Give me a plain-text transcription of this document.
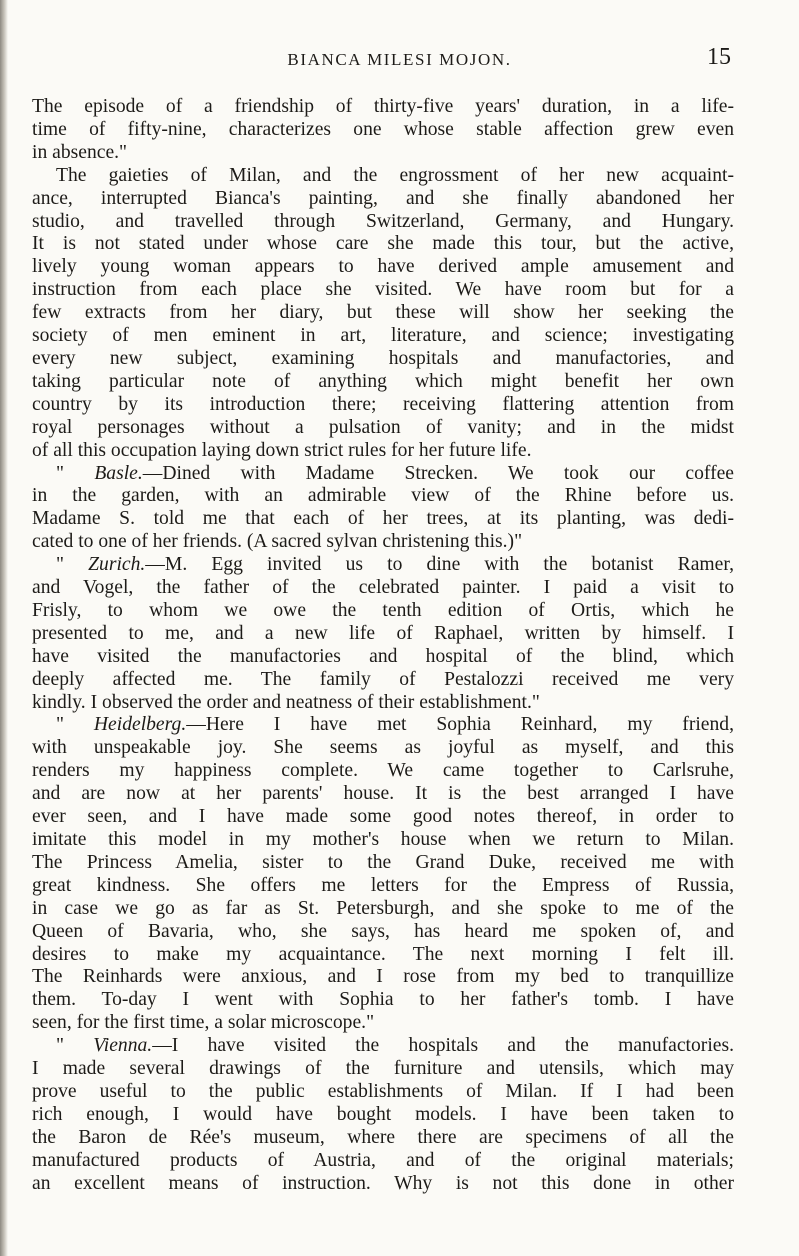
BIANCA MILESI MOJON.	15
The episode of a friendship of thirty-five years' duration, in a life-
time of fifty-nine, characterizes one whose stable affection grew even
in absence."
The gaieties of Milan, and the engrossment of her new acquaint-
ance, interrupted Bianca's painting, and she finally abandoned her
studio, and travelled through Switzerland, Germany, and Hungary.
It is not stated under whose care she made this tour, but the active,
lively young woman appears to have derived ample amusement and
instruction from each place she visited. We have room but for a
few extracts from her diary, but these will show her seeking the
society of men eminent in art, literature, and science; investigating
every new subject, examining hospitals and manufactories, and
taking particular note of anything which might benefit her own
country by its introduction there; receiving flattering attention from
royal personages without a pulsation of vanity; and in the midst
of all this occupation laying down strict rules for her future life.
" Basle.—Dined with Madame Strecken. We took our coffee
in the garden, with an admirable view of the Rhine before us.
Madame S. told me that each of her trees, at its planting, was dedi-
cated to one of her friends. (A sacred sylvan christening this.)"
" Zurich.—M. Egg invited us to dine with the botanist Ramer,
and Vogel, the father of the celebrated painter. I paid a visit to
Frisly, to whom we owe the tenth edition of Ortis, which he
presented to me, and a new life of Raphael, written by himself. I
have visited the manufactories and hospital of the blind, which
deeply affected me. The family of Pestalozzi received me very
kindly. I observed the order and neatness of their establishment."
" Heidelberg.—Here I have met Sophia Reinhard, my friend,
with unspeakable joy. She seems as joyful as myself, and this
renders my happiness complete. We came together to Carlsruhe,
and are now at her parents' house. It is the best arranged I have
ever seen, and I have made some good notes thereof, in order to
imitate this model in my mother's house when we return to Milan.
The Princess Amelia, sister to the Grand Duke, received me with
great kindness. She offers me letters for the Empress of Russia,
in case we go as far as St. Petersburgh, and she spoke to me of the
Queen of Bavaria, who, she says, has heard me spoken of, and
desires to make my acquaintance. The next morning I felt ill.
The Reinhards were anxious, and I rose from my bed to tranquillize
them. To-day I went with Sophia to her father's tomb. I have
seen, for the first time, a solar microscope."
" Vienna.—I have visited the hospitals and the manufactories.
I made several drawings of the furniture and utensils, which may
prove useful to the public establishments of Milan. If I had been
rich enough, I would have bought models. I have been taken to
the Baron de Rée's museum, where there are specimens of all the
manufactured products of Austria, and of the original materials;
an excellent means of instruction. Why is not this done in other
